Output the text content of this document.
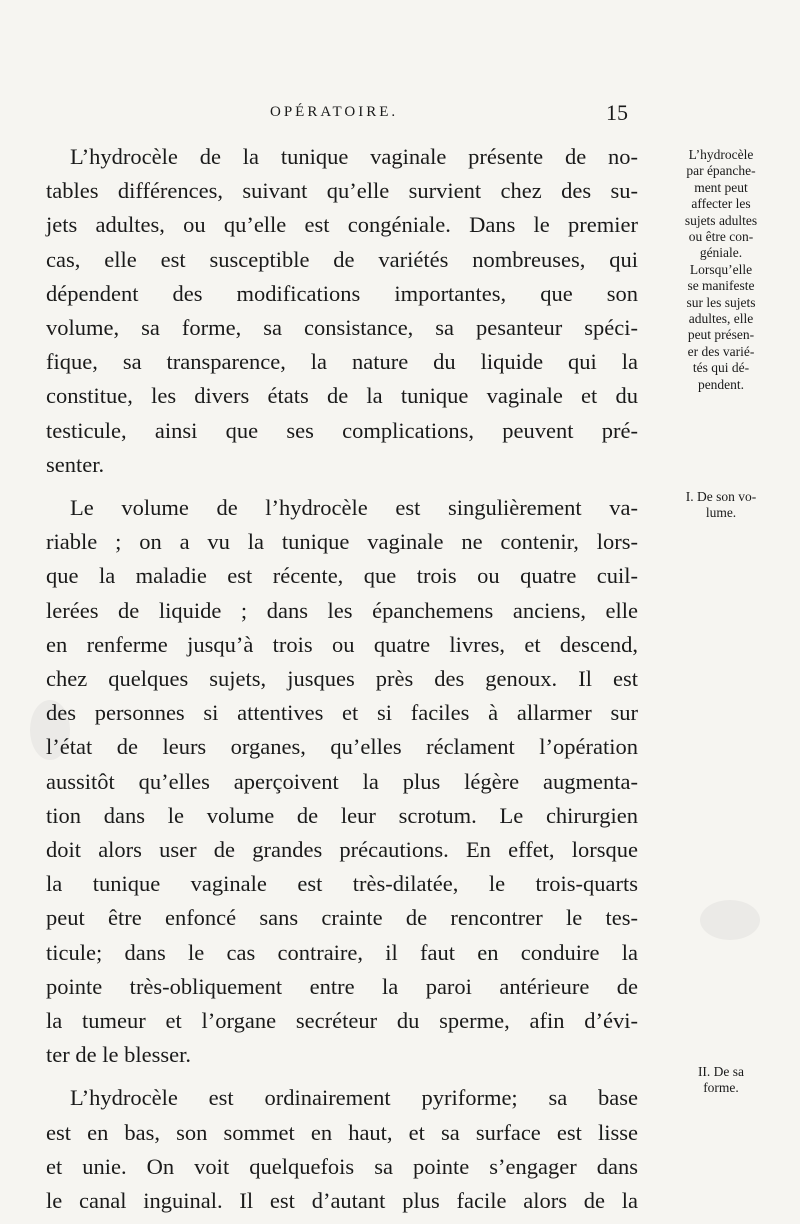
OPÉRATOIRE.	15

L’hydrocèle de la tunique vaginale présente de no-
tables différences, suivant qu’elle survient chez des su-
jets adultes, ou qu’elle est congéniale. Dans le premier
cas, elle est susceptible de variétés nombreuses, qui
dépendent des modifications importantes, que son
volume, sa forme, sa consistance, sa pesanteur spéci-
fique, sa transparence, la nature du liquide qui la
constitue, les divers états de la tunique vaginale et du
testicule, ainsi que ses complications, peuvent pré-
senter.

Le volume de l’hydrocèle est singulièrement va-
riable ; on a vu la tunique vaginale ne contenir, lors-
que la maladie est récente, que trois ou quatre cuil-
lerées de liquide ; dans les épanchemens anciens, elle
en renferme jusqu’à trois ou quatre livres, et descend,
chez quelques sujets, jusques près des genoux. Il est
des personnes si attentives et si faciles à allarmer sur
l’état de leurs organes, qu’elles réclament l’opération
aussitôt qu’elles aperçoivent la plus légère augmenta-
tion dans le volume de leur scrotum. Le chirurgien
doit alors user de grandes précautions. En effet, lorsque
la tunique vaginale est très-dilatée, le trois-quarts
peut être enfoncé sans crainte de rencontrer le tes-
ticule; dans le cas contraire, il faut en conduire la
pointe très-obliquement entre la paroi antérieure de
la tumeur et l’organe secréteur du sperme, afin d’évi-
ter de le blesser.

L’hydrocèle est ordinairement pyriforme; sa base
est en bas, son sommet en haut, et sa surface est lisse
et unie. On voit quelquefois sa pointe s’engager dans
le canal inguinal. Il est d’autant plus facile alors de la

L’hydrocèle
par épanche-
ment peut
affecter les
sujets adultes
ou être con-
géniale.
Lorsqu’elle
se manifeste
sur les sujets
adultes, elle
peut présen-
er des varié-
tés qui dé-
pendent.
I. De son vo-
lume.
II. De sa
forme.
